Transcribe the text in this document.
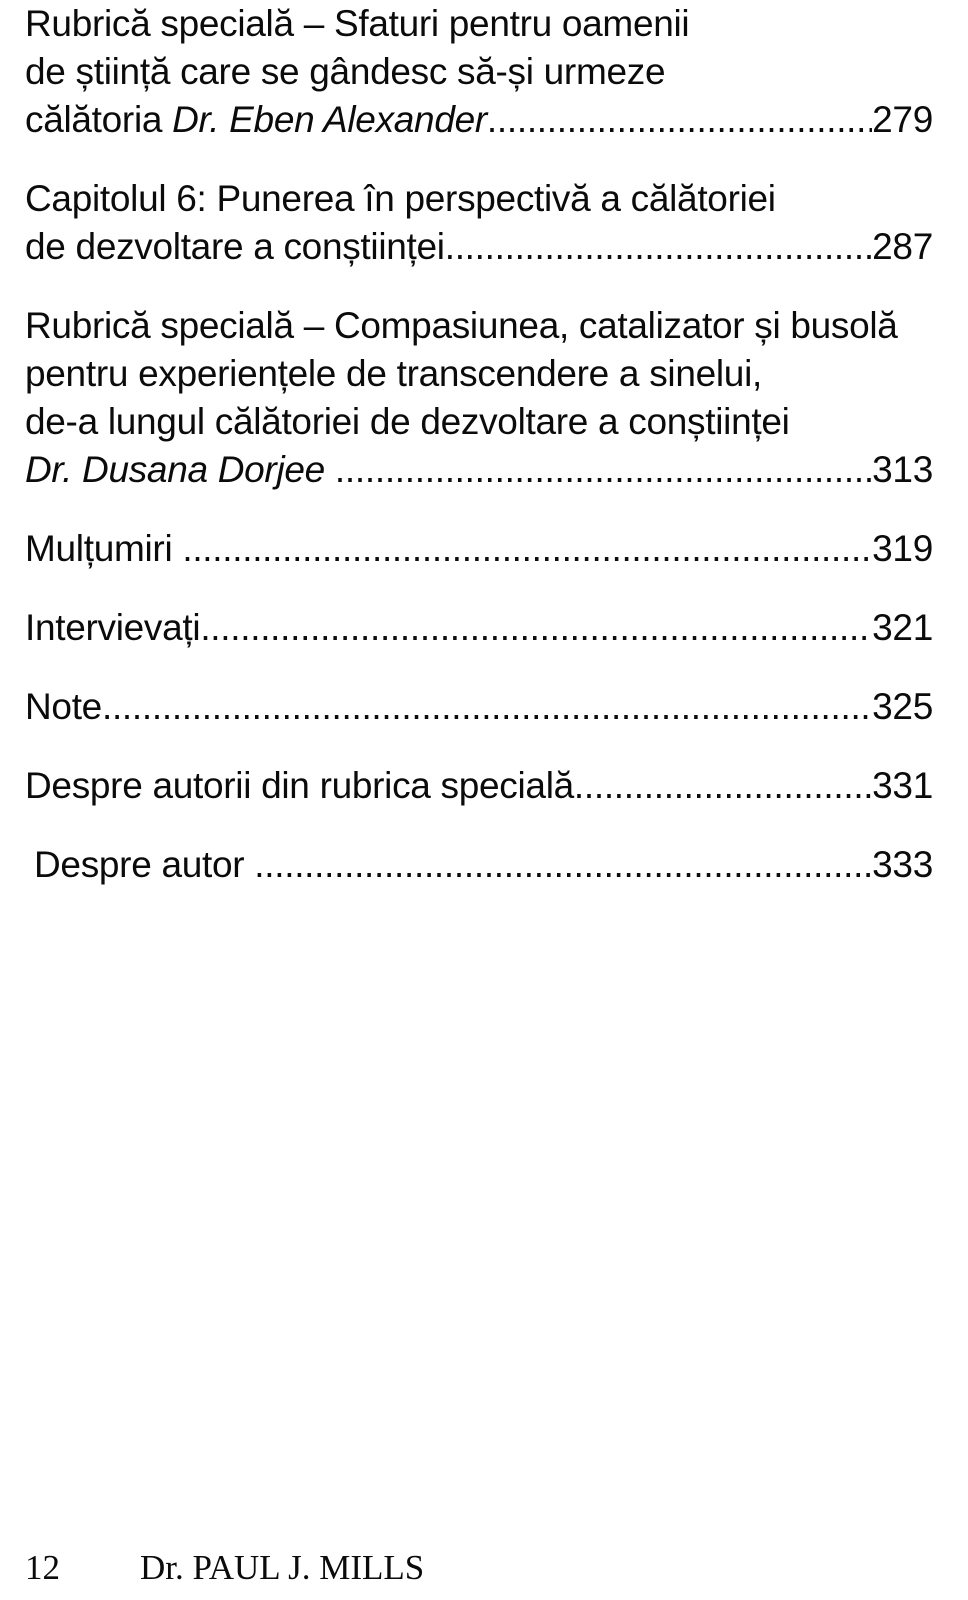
Rubrică specială – Sfaturi pentru oamenii
de știință care se gândesc să-și urmeze
călătoria Dr. Eben Alexander .....	279
Capitolul 6: Punerea în perspectivă a călătoriei
de dezvoltare a conștiinței .....	287
Rubrică specială – Compasiunea, catalizator și busolă
pentru experiențele de transcendere a sinelui,
de-a lungul călătoriei de dezvoltare a conștiinței
Dr. Dusana Dorjee .....	313
Mulțumiri .....	319
Intervievați .....	321
Note .....	325
Despre autorii din rubrica specială .....	331
Despre autor .....	333
12 Dr. PAUL J. MILLS
